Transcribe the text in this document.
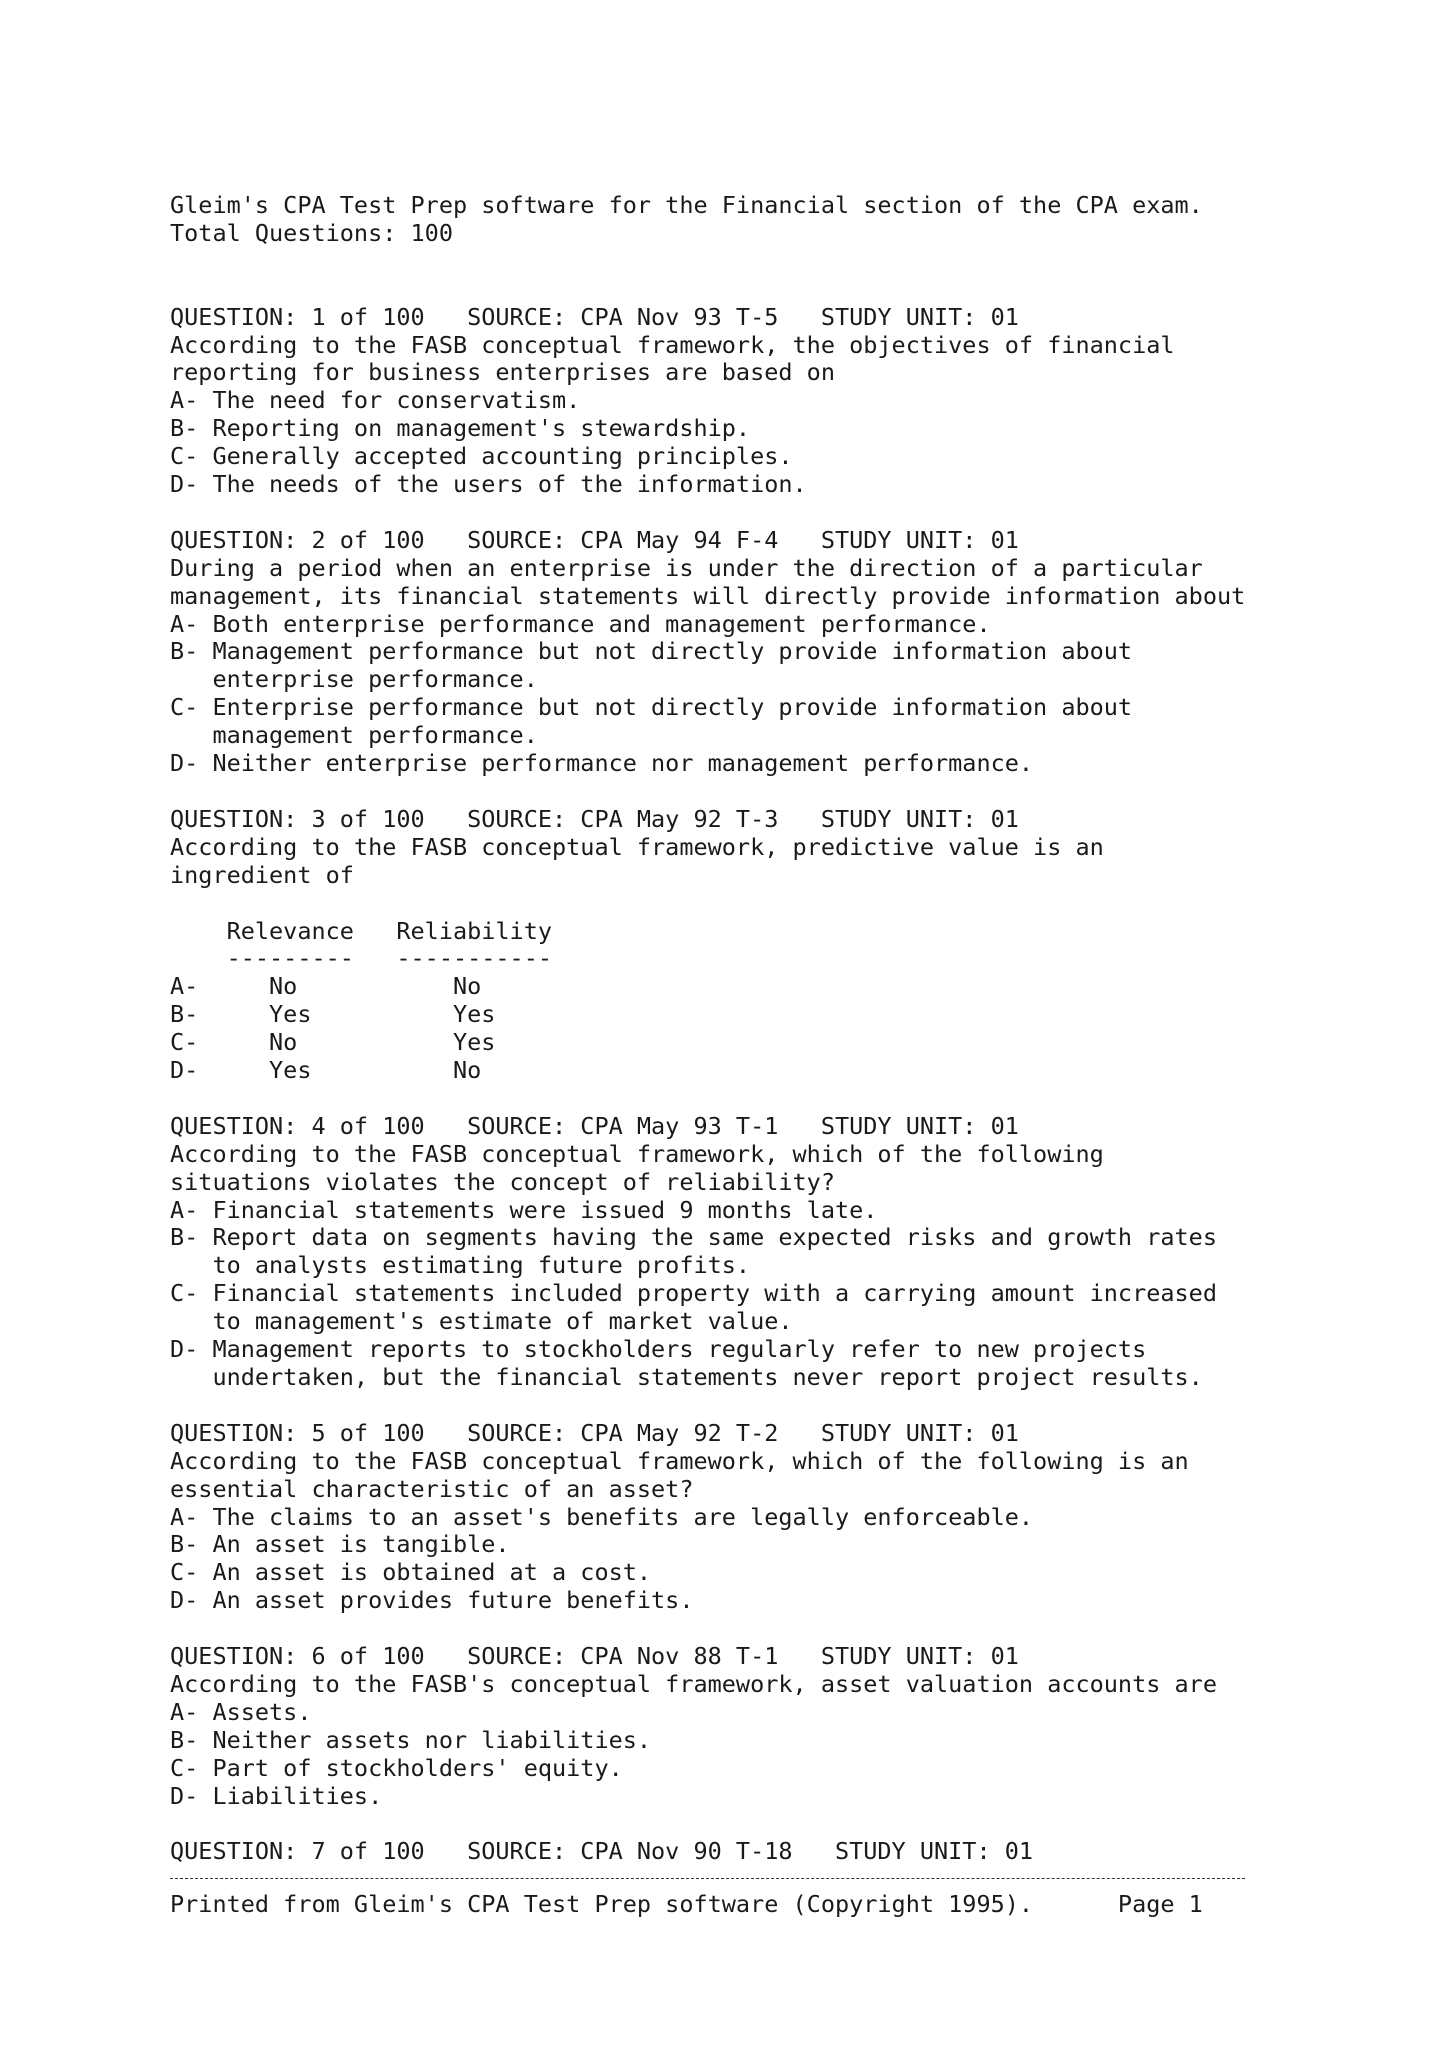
Gleim's CPA Test Prep software for the Financial section of the CPA exam.
Total Questions: 100
QUESTION: 1 of 100   SOURCE: CPA Nov 93 T-5   STUDY UNIT: 01
According to the FASB conceptual framework, the objectives of financial
reporting for business enterprises are based on
A- The need for conservatism.
B- Reporting on management's stewardship.
C- Generally accepted accounting principles.
D- The needs of the users of the information.
QUESTION: 2 of 100   SOURCE: CPA May 94 F-4   STUDY UNIT: 01
During a period when an enterprise is under the direction of a particular
management, its financial statements will directly provide information about
A- Both enterprise performance and management performance.
B- Management performance but not directly provide information about
enterprise performance.
C- Enterprise performance but not directly provide information about
management performance.
D- Neither enterprise performance nor management performance.
QUESTION: 3 of 100   SOURCE: CPA May 92 T-3   STUDY UNIT: 01
According to the FASB conceptual framework, predictive value is an
ingredient of
Relevance   Reliability
---------   -----------
A-     No           No
B-     Yes          Yes
C-     No           Yes
D-     Yes          No
QUESTION: 4 of 100   SOURCE: CPA May 93 T-1   STUDY UNIT: 01
According to the FASB conceptual framework, which of the following
situations violates the concept of reliability?
A- Financial statements were issued 9 months late.
B- Report data on segments having the same expected risks and growth rates
to analysts estimating future profits.
C- Financial statements included property with a carrying amount increased
to management's estimate of market value.
D- Management reports to stockholders regularly refer to new projects
undertaken, but the financial statements never report project results.
QUESTION: 5 of 100   SOURCE: CPA May 92 T-2   STUDY UNIT: 01
According to the FASB conceptual framework, which of the following is an
essential characteristic of an asset?
A- The claims to an asset's benefits are legally enforceable.
B- An asset is tangible.
C- An asset is obtained at a cost.
D- An asset provides future benefits.
QUESTION: 6 of 100   SOURCE: CPA Nov 88 T-1   STUDY UNIT: 01
According to the FASB's conceptual framework, asset valuation accounts are
A- Assets.
B- Neither assets nor liabilities.
C- Part of stockholders' equity.
D- Liabilities.
QUESTION: 7 of 100   SOURCE: CPA Nov 90 T-18   STUDY UNIT: 01
Printed from Gleim's CPA Test Prep software (Copyright 1995).      Page 1
